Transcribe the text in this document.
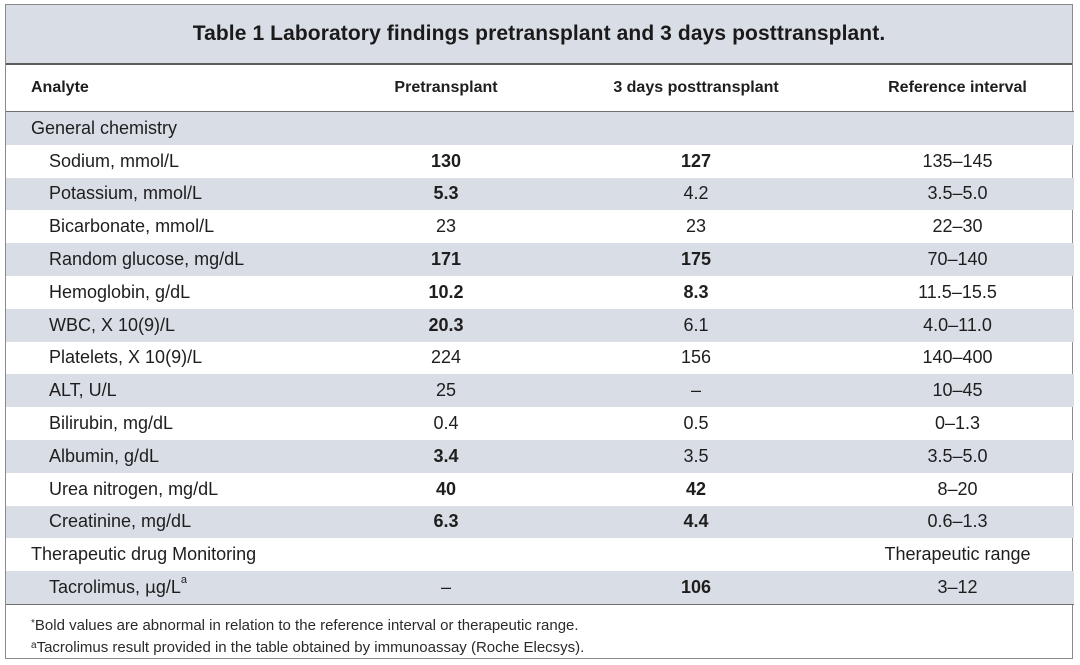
Table 1 Laboratory findings pretransplant and 3 days posttransplant.
Analyte	Pretransplant	3 days posttransplant	Reference interval
General chemistry			
Sodium, mmol/L	130	127	135–145
Potassium, mmol/L	5.3	4.2	3.5–5.0
Bicarbonate, mmol/L	23	23	22–30
Random glucose, mg/dL	171	175	70–140
Hemoglobin, g/dL	10.2	8.3	11.5–15.5
WBC, X 10(9)/L	20.3	6.1	4.0–11.0
Platelets, X 10(9)/L	224	156	140–400
ALT, U/L	25	–	10–45
Bilirubin, mg/dL	0.4	0.5	0–1.3
Albumin, g/dL	3.4	3.5	3.5–5.0
Urea nitrogen, mg/dL	40	42	8–20
Creatinine, mg/dL	6.3	4.4	0.6–1.3
Therapeutic drug Monitoring			Therapeutic range
Tacrolimus, $\mu g/L^a$	–	106	3–12
*Bold values are abnormal in relation to the reference interval or therapeutic range.
$^a$Tacrolimus result provided in the table obtained by immunoassay (Roche Elecsys).
